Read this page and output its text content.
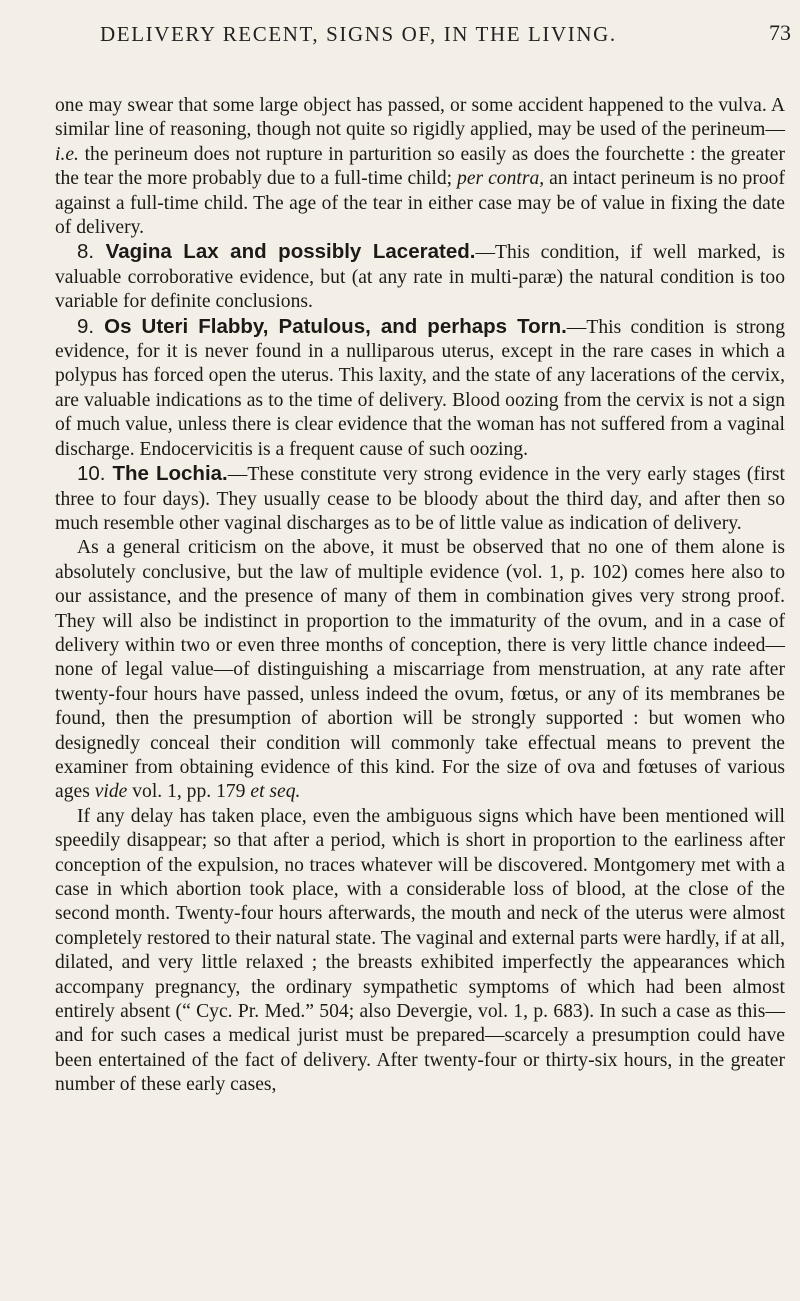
DELIVERY RECENT, SIGNS OF, IN THE LIVING.	73

one may swear that some large object has passed, or some accident happened to the vulva. A similar line of reasoning, though not quite so rigidly applied, may be used of the perineum—i.e. the perineum does not rupture in parturition so easily as does the fourchette : the greater the tear the more probably due to a full-time child; per contra, an intact perineum is no proof against a full-time child. The age of the tear in either case may be of value in fixing the date of delivery.

8. Vagina Lax and possibly Lacerated.—This condition, if well marked, is valuable corroborative evidence, but (at any rate in multi-paræ) the natural condition is too variable for definite conclusions.

9. Os Uteri Flabby, Patulous, and perhaps Torn.—This condition is strong evidence, for it is never found in a nulliparous uterus, except in the rare cases in which a polypus has forced open the uterus. This laxity, and the state of any lacerations of the cervix, are valuable indications as to the time of delivery. Blood oozing from the cervix is not a sign of much value, unless there is clear evidence that the woman has not suffered from a vaginal discharge. Endocervicitis is a frequent cause of such oozing.

10. The Lochia.—These constitute very strong evidence in the very early stages (first three to four days). They usually cease to be bloody about the third day, and after then so much resemble other vaginal discharges as to be of little value as indication of delivery.

As a general criticism on the above, it must be observed that no one of them alone is absolutely conclusive, but the law of multiple evidence (vol. 1, p. 102) comes here also to our assistance, and the presence of many of them in combination gives very strong proof. They will also be indistinct in proportion to the immaturity of the ovum, and in a case of delivery within two or even three months of conception, there is very little chance indeed—none of legal value—of distinguishing a miscarriage from menstruation, at any rate after twenty-four hours have passed, unless indeed the ovum, fœtus, or any of its membranes be found, then the presumption of abortion will be strongly supported : but women who designedly conceal their condition will commonly take effectual means to prevent the examiner from obtaining evidence of this kind. For the size of ova and fœtuses of various ages vide vol. 1, pp. 179 et seq.

If any delay has taken place, even the ambiguous signs which have been mentioned will speedily disappear; so that after a period, which is short in proportion to the earliness after conception of the expulsion, no traces whatever will be discovered. Montgomery met with a case in which abortion took place, with a considerable loss of blood, at the close of the second month. Twenty-four hours afterwards, the mouth and neck of the uterus were almost completely restored to their natural state. The vaginal and external parts were hardly, if at all, dilated, and very little relaxed ; the breasts exhibited imperfectly the appearances which accompany pregnancy, the ordinary sympathetic symptoms of which had been almost entirely absent (“ Cyc. Pr. Med.” 504; also Devergie, vol. 1, p. 683). In such a case as this—and for such cases a medical jurist must be prepared—scarcely a presumption could have been entertained of the fact of delivery. After twenty-four or thirty-six hours, in the greater number of these early cases,
